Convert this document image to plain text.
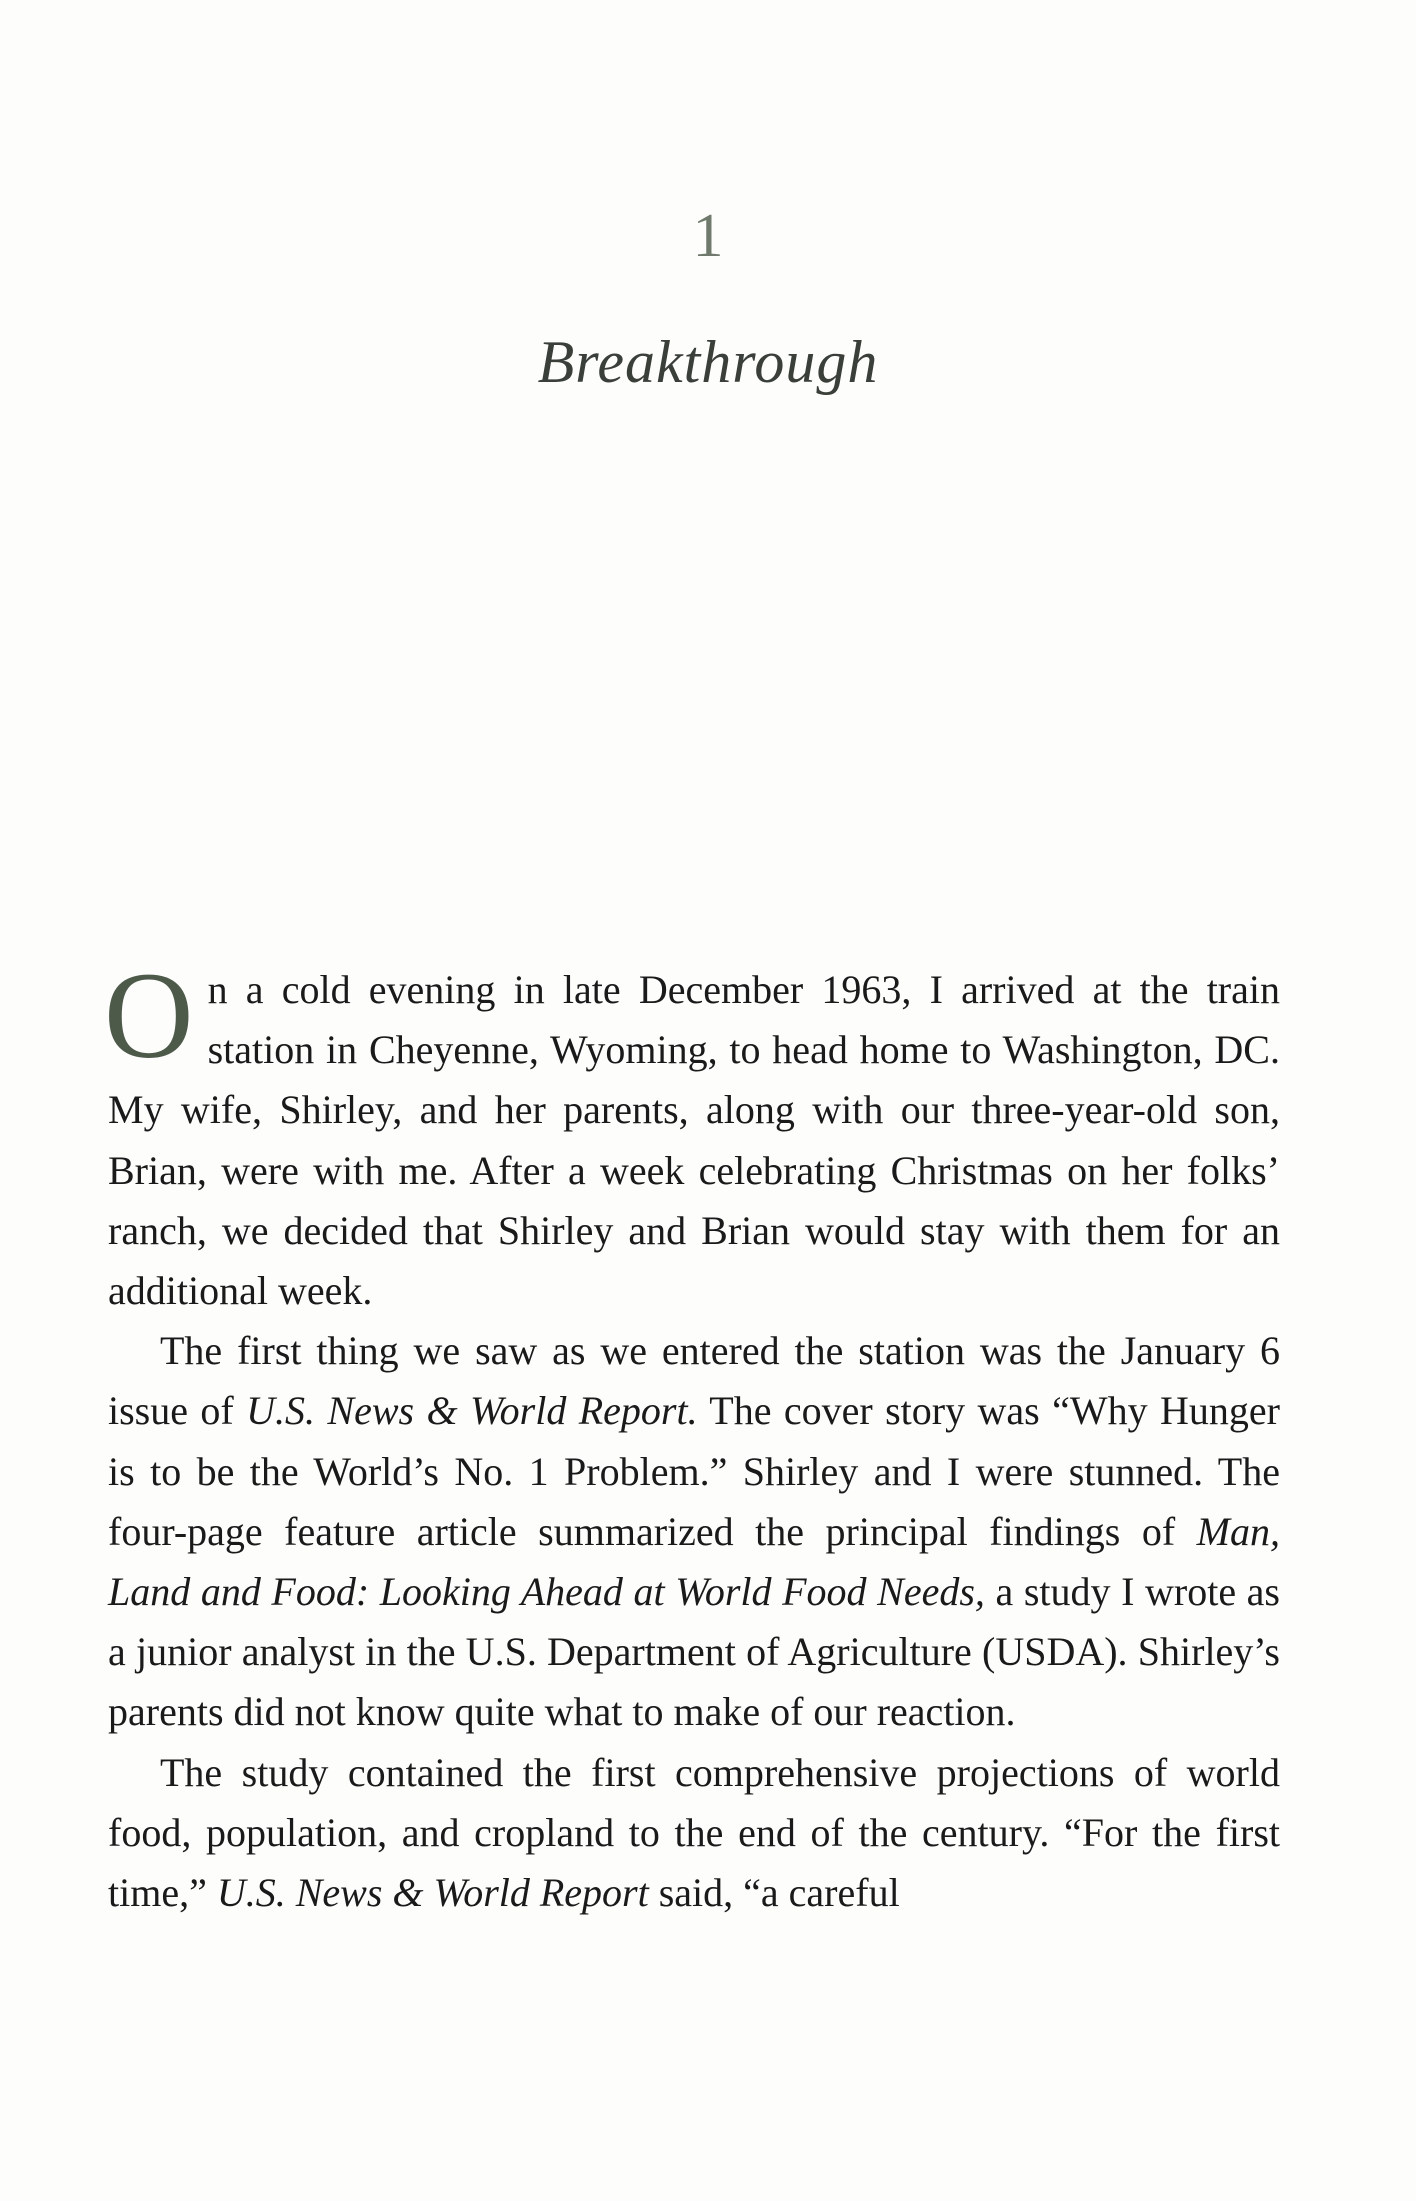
1
Breakthrough

On a cold evening in late December 1963, I arrived at the train station in Cheyenne, Wyoming, to head home to Washington, DC. My wife, Shirley, and her parents, along with our three-year-old son, Brian, were with me. After a week celebrating Christmas on her folks’ ranch, we decided that Shirley and Brian would stay with them for an additional week.

The first thing we saw as we entered the station was the January 6 issue of U.S. News & World Report. The cover story was “Why Hunger is to be the World’s No. 1 Problem.” Shirley and I were stunned. The four-page feature article summarized the principal findings of Man, Land and Food: Looking Ahead at World Food Needs, a study I wrote as a junior analyst in the U.S. Department of Agriculture (USDA). Shirley’s parents did not know quite what to make of our reaction.

The study contained the first comprehensive projections of world food, population, and cropland to the end of the century. “For the first time,” U.S. News & World Report said, “a careful
